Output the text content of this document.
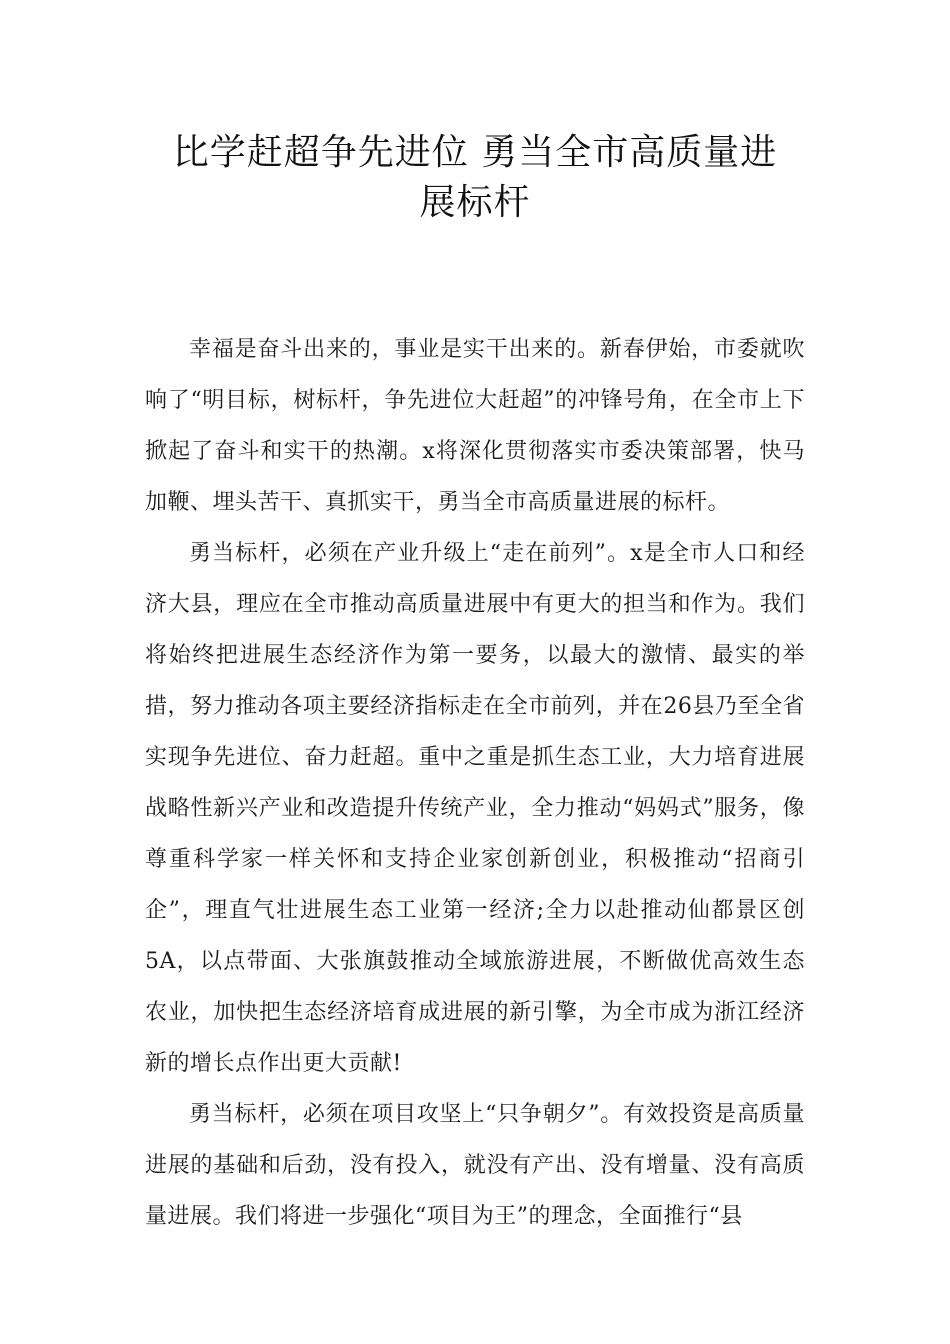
比学赶超争先进位 勇当全市高质量进
展标杆

幸福是奋斗出来的，事业是实干出来的。新春伊始，市委就吹响了“明目标，树标杆，争先进位大赶超”的冲锋号角，在全市上下掀起了奋斗和实干的热潮。x将深化贯彻落实市委决策部署，快马加鞭、埋头苦干、真抓实干，勇当全市高质量进展的标杆。

勇当标杆，必须在产业升级上“走在前列”。x是全市人口和经济大县，理应在全市推动高质量进展中有更大的担当和作为。我们将始终把进展生态经济作为第一要务，以最大的激情、最实的举措，努力推动各项主要经济指标走在全市前列，并在26县乃至全省实现争先进位、奋力赶超。重中之重是抓生态工业，大力培育进展战略性新兴产业和改造提升传统产业，全力推动“妈妈式”服务，像尊重科学家一样关怀和支持企业家创新创业，积极推动“招商引企”，理直气壮进展生态工业第一经济;全力以赴推动仙都景区创5A，以点带面、大张旗鼓推动全域旅游进展，不断做优高效生态农业，加快把生态经济培育成进展的新引擎，为全市成为浙江经济新的增长点作出更大贡献!

勇当标杆，必须在项目攻坚上“只争朝夕”。有效投资是高质量进展的基础和后劲，没有投入，就没有产出、没有增量、没有高质量进展。我们将进一步强化“项目为王”的理念，全面推行“县
